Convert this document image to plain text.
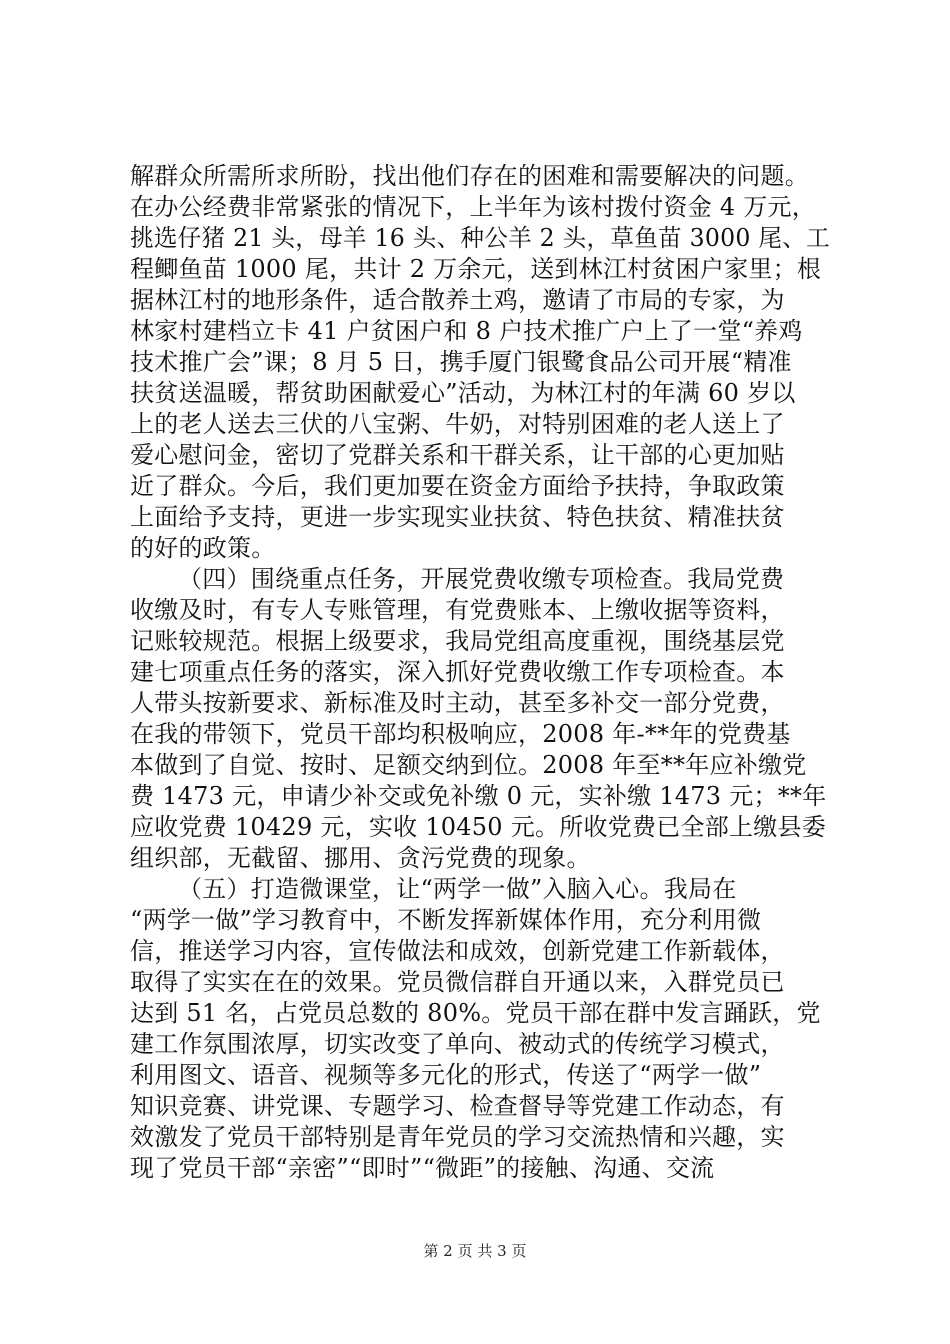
解群众所需所求所盼，找出他们存在的困难和需要解决的问题。
在办公经费非常紧张的情况下，上半年为该村拨付资金 4 万元，
挑选仔猪 21 头，母羊 16 头、种公羊 2 头，草鱼苗 3000 尾、工
程鲫鱼苗 1000 尾，共计 2 万余元，送到林江村贫困户家里；根
据林江村的地形条件，适合散养土鸡，邀请了市局的专家，为
林家村建档立卡 41 户贫困户和 8 户技术推广户上了一堂“养鸡
技术推广会”课；8 月 5 日，携手厦门银鹭食品公司开展“精准
扶贫送温暖，帮贫助困献爱心”活动，为林江村的年满 60 岁以
上的老人送去三伏的八宝粥、牛奶，对特别困难的老人送上了
爱心慰问金，密切了党群关系和干群关系，让干部的心更加贴
近了群众。今后，我们更加要在资金方面给予扶持，争取政策
上面给予支持，更进一步实现实业扶贫、特色扶贫、精准扶贫
的好的政策。
（四）围绕重点任务，开展党费收缴专项检查。我局党费
收缴及时，有专人专账管理，有党费账本、上缴收据等资料，
记账较规范。根据上级要求，我局党组高度重视，围绕基层党
建七项重点任务的落实，深入抓好党费收缴工作专项检查。本
人带头按新要求、新标准及时主动，甚至多补交一部分党费，
在我的带领下，党员干部均积极响应，2008 年-**年的党费基
本做到了自觉、按时、足额交纳到位。2008 年至**年应补缴党
费 1473 元，申请少补交或免补缴 0 元，实补缴 1473 元；**年
应收党费 10429 元，实收 10450 元。所收党费已全部上缴县委
组织部，无截留、挪用、贪污党费的现象。
（五）打造微课堂，让“两学一做”入脑入心。我局在
“两学一做”学习教育中，不断发挥新媒体作用，充分利用微
信，推送学习内容，宣传做法和成效，创新党建工作新载体，
取得了实实在在的效果。党员微信群自开通以来，入群党员已
达到 51 名，占党员总数的 80%。党员干部在群中发言踊跃，党
建工作氛围浓厚，切实改变了单向、被动式的传统学习模式，
利用图文、语音、视频等多元化的形式，传送了“两学一做”
知识竞赛、讲党课、专题学习、检查督导等党建工作动态，有
效激发了党员干部特别是青年党员的学习交流热情和兴趣，实
现了党员干部“亲密”“即时”“微距”的接触、沟通、交流
第 2 页 共 3 页
